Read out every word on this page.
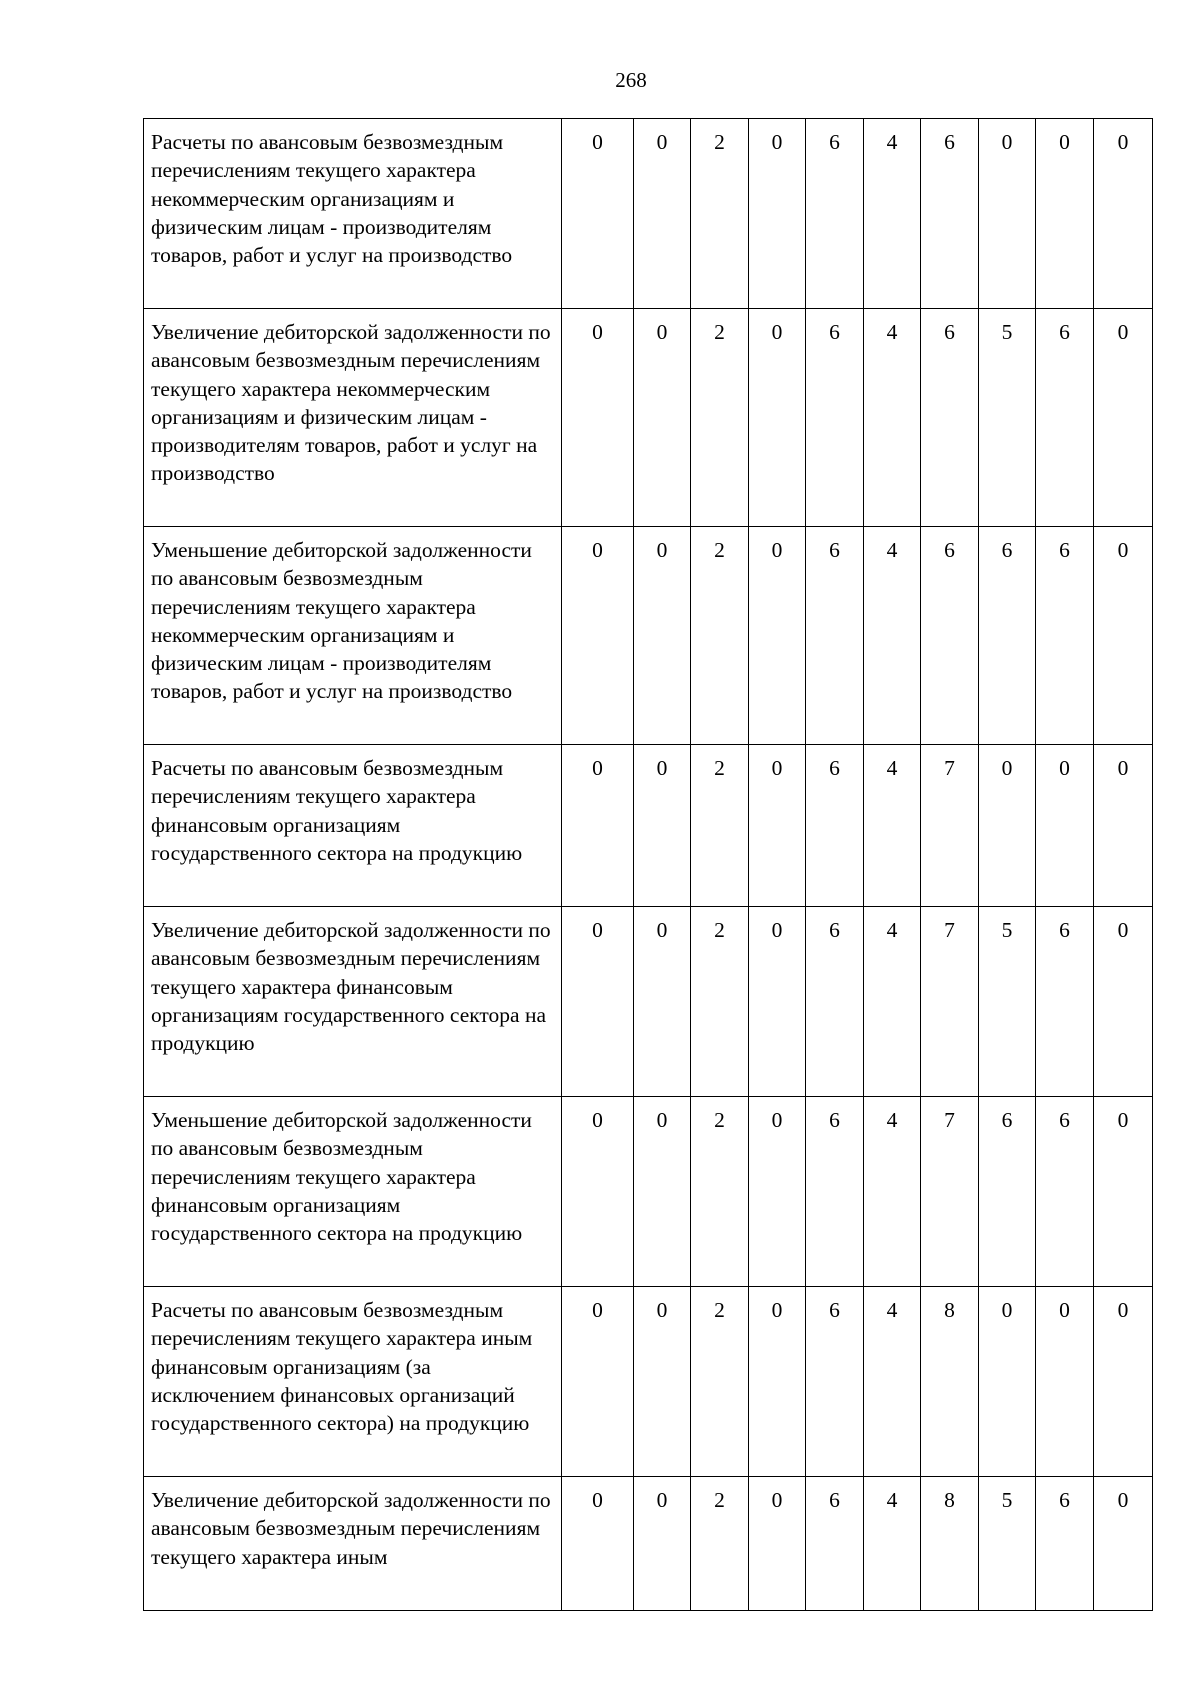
268
Расчеты по авансовым безвозмездным перечислениям текущего характера некоммерческим организациям и физическим лицам - производителям товаров, работ и услуг на производство	0	0	2	0	6	4	6	0	0	0
Увеличение дебиторской задолженности по авансовым безвозмездным перечислениям текущего характера некоммерческим организациям и физическим лицам - производителям товаров, работ и услуг на производство	0	0	2	0	6	4	6	5	6	0
Уменьшение дебиторской задолженности по авансовым безвозмездным перечислениям текущего характера некоммерческим организациям и физическим лицам - производителям товаров, работ и услуг на производство	0	0	2	0	6	4	6	6	6	0
Расчеты по авансовым безвозмездным перечислениям текущего характера финансовым организациям государственного сектора на продукцию	0	0	2	0	6	4	7	0	0	0
Увеличение дебиторской задолженности по авансовым безвозмездным перечислениям текущего характера финансовым организациям государственного сектора на продукцию	0	0	2	0	6	4	7	5	6	0
Уменьшение дебиторской задолженности по авансовым безвозмездным перечислениям текущего характера финансовым организациям государственного сектора на продукцию	0	0	2	0	6	4	7	6	6	0
Расчеты по авансовым безвозмездным перечислениям текущего характера иным финансовым организациям (за исключением финансовых организаций государственного сектора) на продукцию	0	0	2	0	6	4	8	0	0	0
Увеличение дебиторской задолженности по авансовым безвозмездным перечислениям текущего характера иным	0	0	2	0	6	4	8	5	6	0
